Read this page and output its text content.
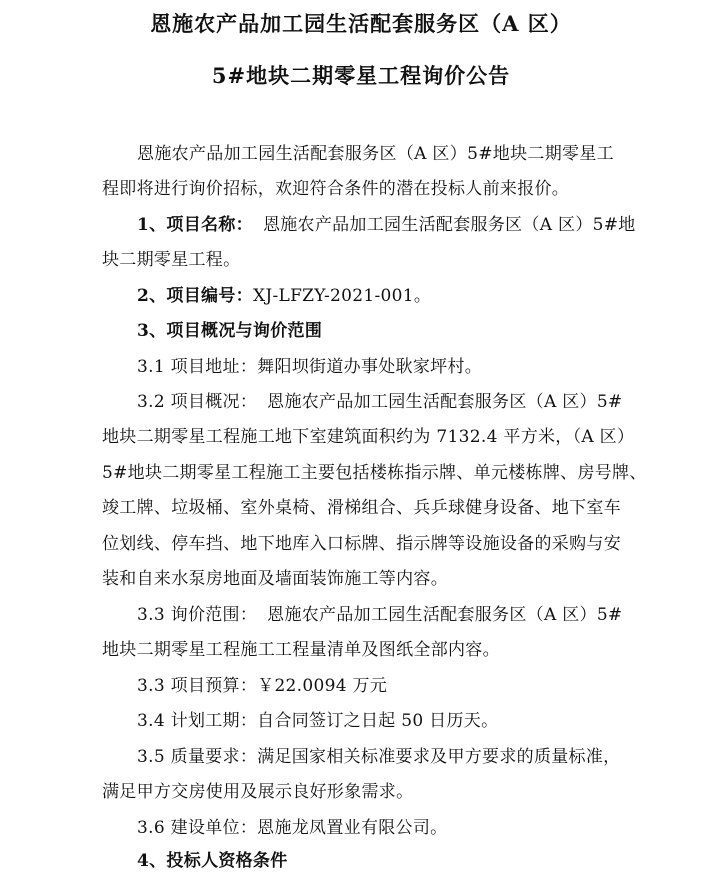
恩施农产品加工园生活配套服务区（A 区）
5#地块二期零星工程询价公告
恩施农产品加工园生活配套服务区（A 区）5#地块二期零星工
程即将进行询价招标，欢迎符合条件的潜在投标人前来报价。
1、项目名称： 恩施农产品加工园生活配套服务区（A 区）5#地
块二期零星工程。
2、项目编号：XJ-LFZY-2021-001。
3、项目概况与询价范围
3.1 项目地址：舞阳坝街道办事处耿家坪村。
3.2 项目概况： 恩施农产品加工园生活配套服务区（A 区）5#
地块二期零星工程施工地下室建筑面积约为 7132.4 平方米，（A 区）
5#地块二期零星工程施工主要包括楼栋指示牌、单元楼栋牌、房号牌、
竣工牌、垃圾桶、室外桌椅、滑梯组合、兵乒球健身设备、地下室车
位划线、停车挡、地下地库入口标牌、指示牌等设施设备的采购与安
装和自来水泵房地面及墙面装饰施工等内容。
3.3 询价范围： 恩施农产品加工园生活配套服务区（A 区）5#
地块二期零星工程施工工程量清单及图纸全部内容。
3.3 项目预算：￥22.0094 万元
3.4 计划工期：自合同签订之日起 50 日历天。
3.5 质量要求：满足国家相关标准要求及甲方要求的质量标准，
满足甲方交房使用及展示良好形象需求。
3.6 建设单位：恩施龙凤置业有限公司。
4、投标人资格条件
